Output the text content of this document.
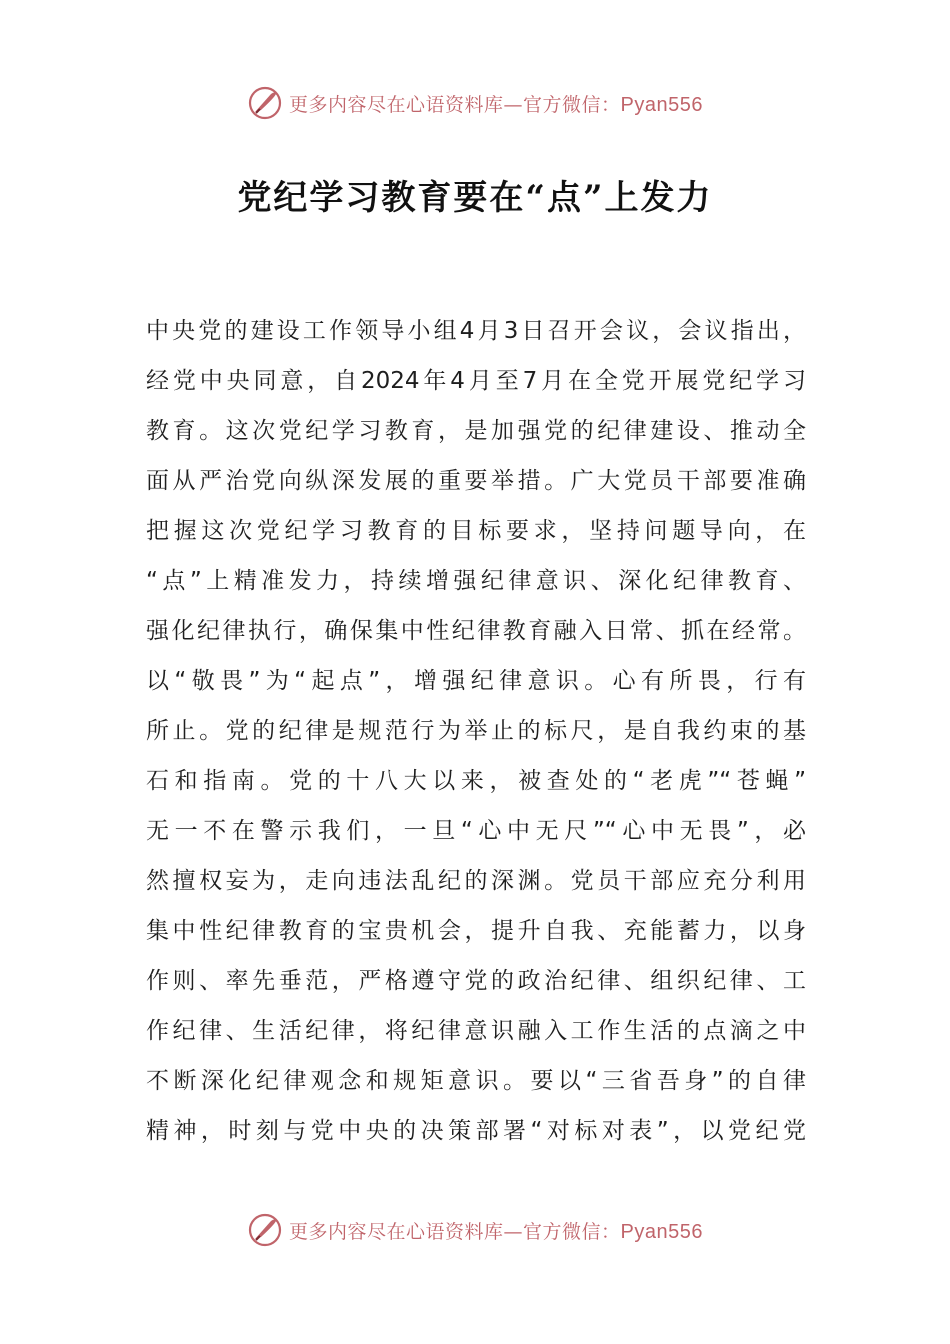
更多内容尽在心语资料库—官方微信：Pyan556
党纪学习教育要在“点”上发力
中央党的建设工作领导小组4月3日召开会议，会议指出，
经党中央同意，自2024年4月至7月在全党开展党纪学习
教育。这次党纪学习教育，是加强党的纪律建设、推动全
面从严治党向纵深发展的重要举措。广大党员干部要准确
把握这次党纪学习教育的目标要求，坚持问题导向，在
“点”上精准发力，持续增强纪律意识、深化纪律教育、
强化纪律执行，确保集中性纪律教育融入日常、抓在经常。
以“敬畏”为“起点”，增强纪律意识。心有所畏，行有
所止。党的纪律是规范行为举止的标尺，是自我约束的基
石和指南。党的十八大以来，被查处的“老虎”“苍蝇”
无一不在警示我们，一旦“心中无尺”“心中无畏”，必
然擅权妄为，走向违法乱纪的深渊。党员干部应充分利用
集中性纪律教育的宝贵机会，提升自我、充能蓄力，以身
作则、率先垂范，严格遵守党的政治纪律、组织纪律、工
作纪律、生活纪律，将纪律意识融入工作生活的点滴之中
不断深化纪律观念和规矩意识。要以“三省吾身”的自律
精神，时刻与党中央的决策部署“对标对表”，以党纪党
更多内容尽在心语资料库—官方微信：Pyan556
